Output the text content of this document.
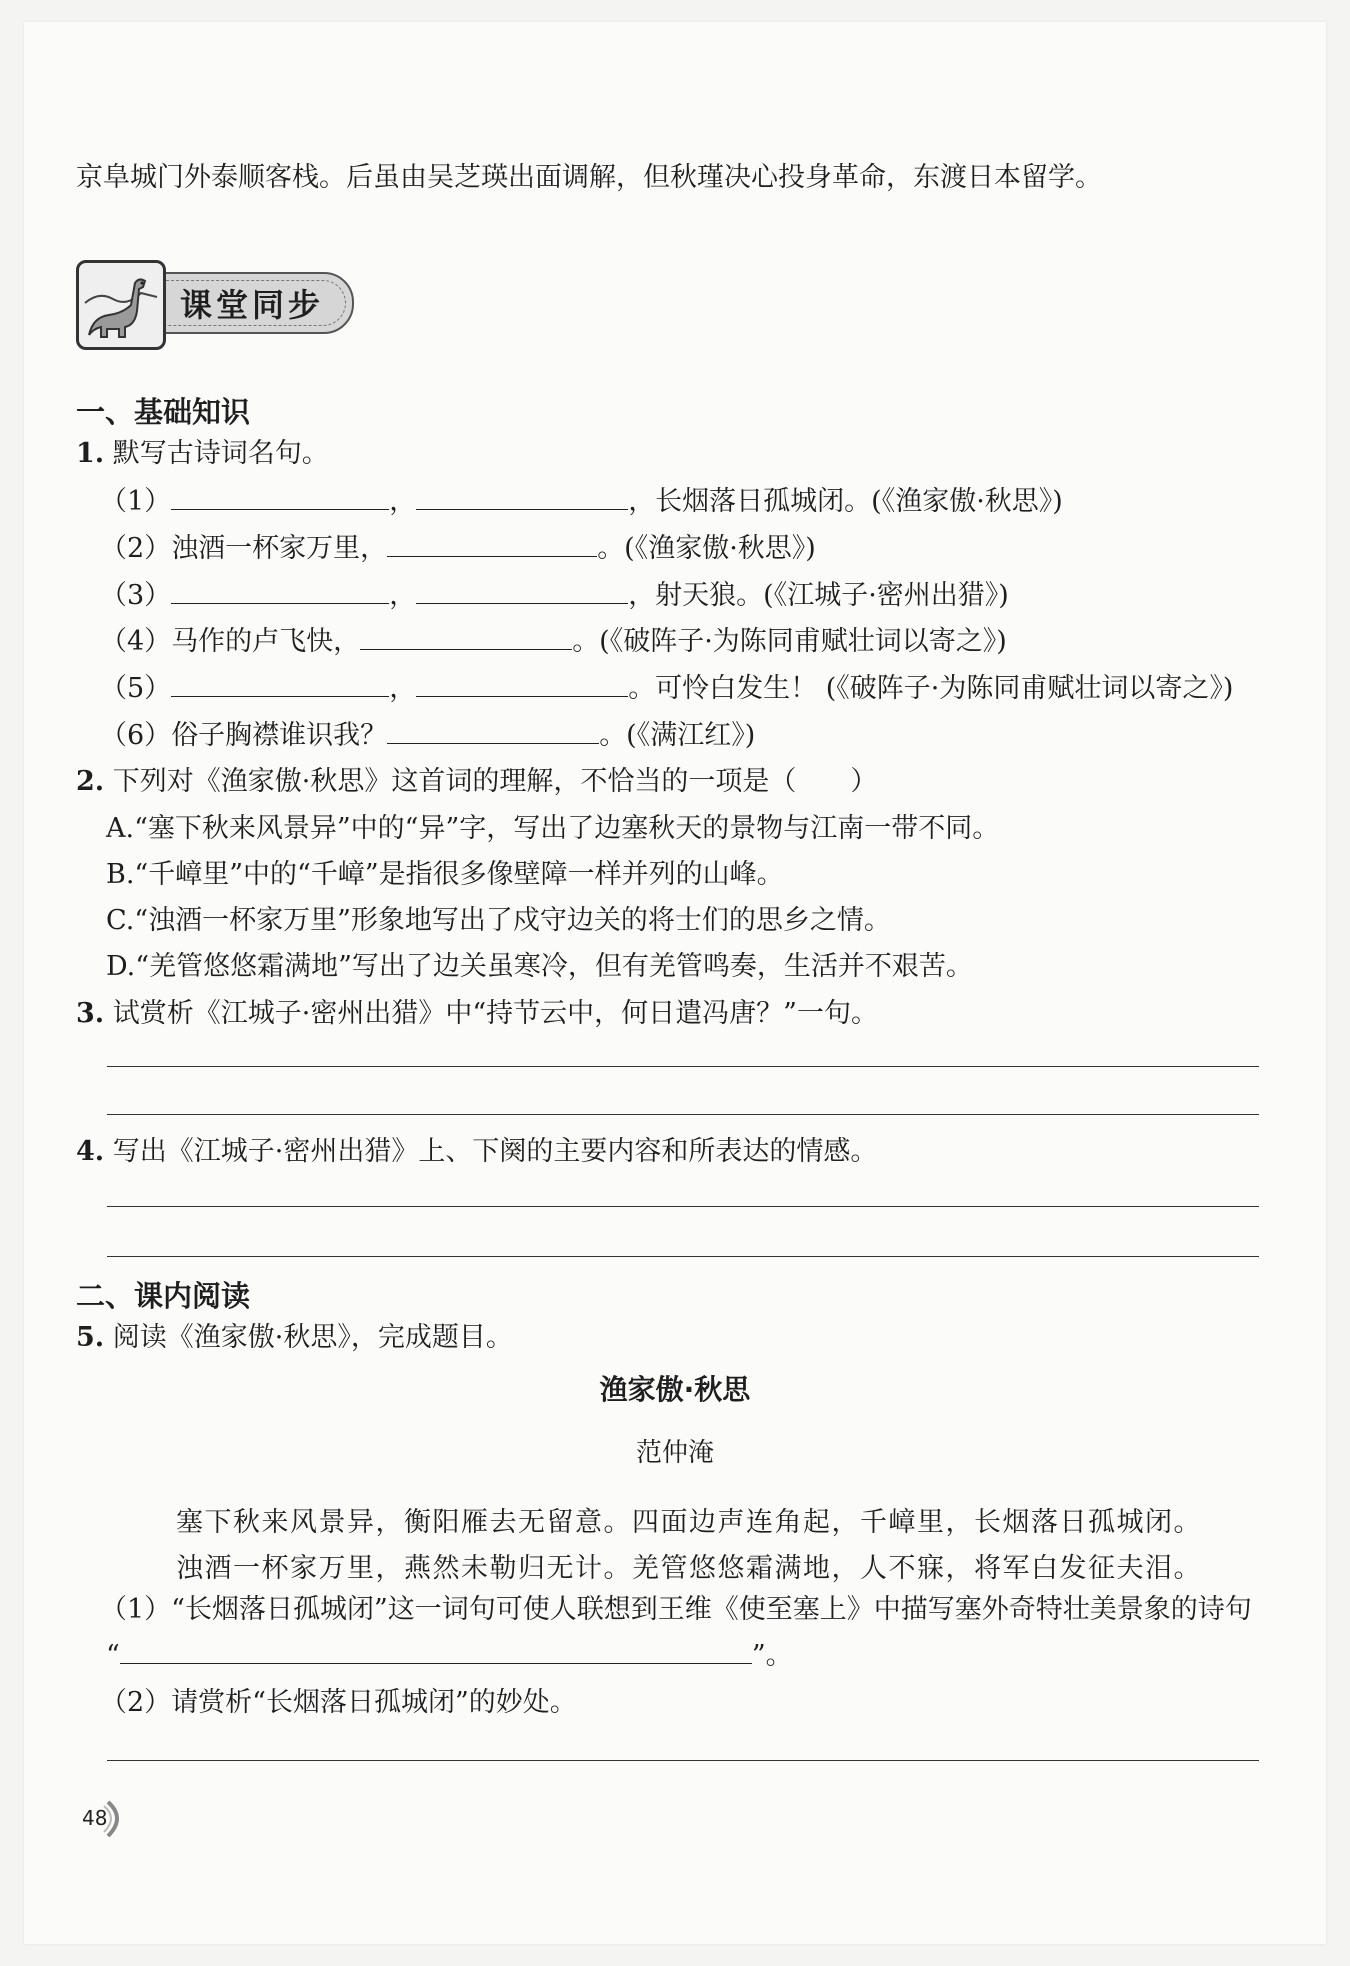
京阜城门外泰顺客栈。后虽由吴芝瑛出面调解，但秋瑾决心投身革命，东渡日本留学。
课堂同步
一、基础知识
1. 默写古诗词名句。
（1）	，	，长烟落日孤城闭。(《渔家傲·秋思》)
（2）浊酒一杯家万里，	。(《渔家傲·秋思》)
（3）	，	，射天狼。(《江城子·密州出猎》)
（4）马作的卢飞快，	。(《破阵子·为陈同甫赋壮词以寄之》)
（5）	，	。可怜白发生！ (《破阵子·为陈同甫赋壮词以寄之》)
（6）俗子胸襟谁识我？	。(《满江红》)
2. 下列对《渔家傲·秋思》这首词的理解，不恰当的一项是（　　）
A.“塞下秋来风景异”中的“异”字，写出了边塞秋天的景物与江南一带不同。
B.“千嶂里”中的“千嶂”是指很多像壁障一样并列的山峰。
C.“浊酒一杯家万里”形象地写出了戍守边关的将士们的思乡之情。
D.“羌管悠悠霜满地”写出了边关虽寒冷，但有羌管鸣奏，生活并不艰苦。
3. 试赏析《江城子·密州出猎》中“持节云中，何日遣冯唐？”一句。
4. 写出《江城子·密州出猎》上、下阕的主要内容和所表达的情感。
二、课内阅读
5. 阅读《渔家傲·秋思》，完成题目。
渔家傲·秋思
范仲淹
塞下秋来风景异，衡阳雁去无留意。四面边声连角起，千嶂里，长烟落日孤城闭。
浊酒一杯家万里，燕然未勒归无计。羌管悠悠霜满地，人不寐，将军白发征夫泪。
（1）“长烟落日孤城闭”这一词句可使人联想到王维《使至塞上》中描写塞外奇特壮美景象的诗句
“	”。
（2）请赏析“长烟落日孤城闭”的妙处。
48
